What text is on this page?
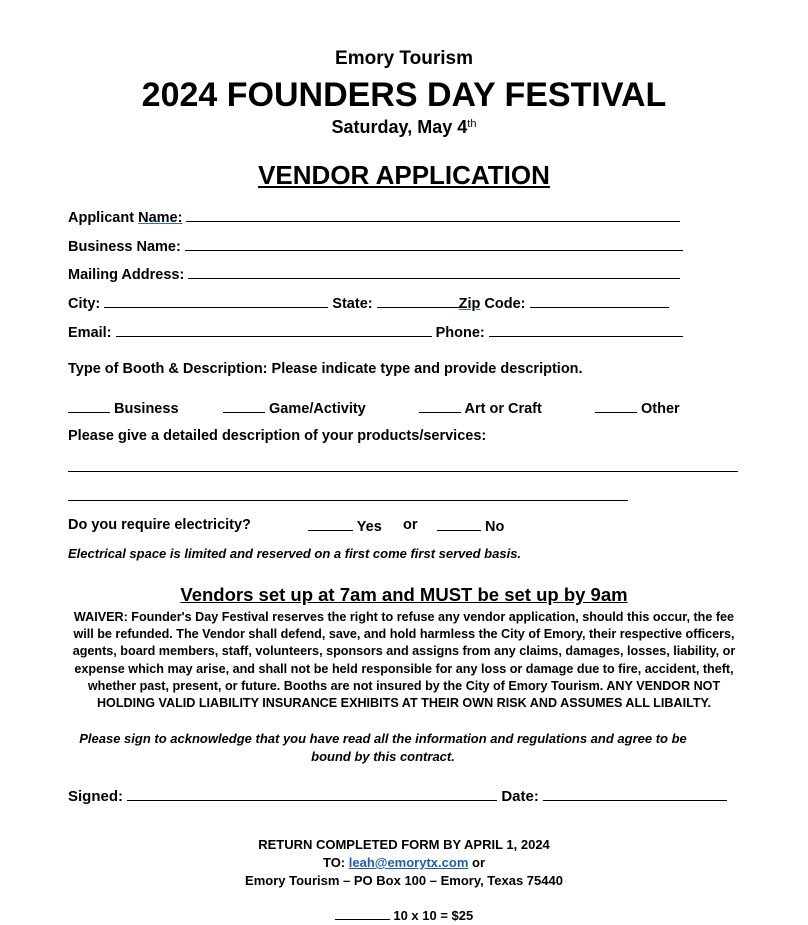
Emory Tourism
2024 FOUNDERS DAY FESTIVAL
Saturday, May 4th
VENDOR APPLICATION
Applicant Name:
Business Name:
Mailing Address:
City:	State:	Zip Code:
Email:	Phone:
Type of Booth & Description: Please indicate type and provide description.
Business	Game/Activity	Art or Craft	Other
Please give a detailed description of your products/services:
Do you require electricity?	Yes or	No
Electrical space is limited and reserved on a first come first served basis.
Vendors set up at 7am and MUST be set up by 9am
WAIVER: Founder's Day Festival reserves the right to refuse any vendor application, should this occur, the fee will be refunded. The Vendor shall defend, save, and hold harmless the City of Emory, their respective officers, agents, board members, staff, volunteers, sponsors and assigns from any claims, damages, losses, liability, or expense which may arise, and shall not be held responsible for any loss or damage due to fire, accident, theft, whether past, present, or future. Booths are not insured by the City of Emory Tourism. ANY VENDOR NOT HOLDING VALID LIABILITY INSURANCE EXHIBITS AT THEIR OWN RISK AND ASSUMES ALL LIBAILTY.
Please sign to acknowledge that you have read all the information and regulations and agree to be bound by this contract.
Signed:	Date:
RETURN COMPLETED FORM BY APRIL 1, 2024
TO: leah@emorytx.com or
Emory Tourism – PO Box 100 – Emory, Texas 75440
10 x 10 = $25
